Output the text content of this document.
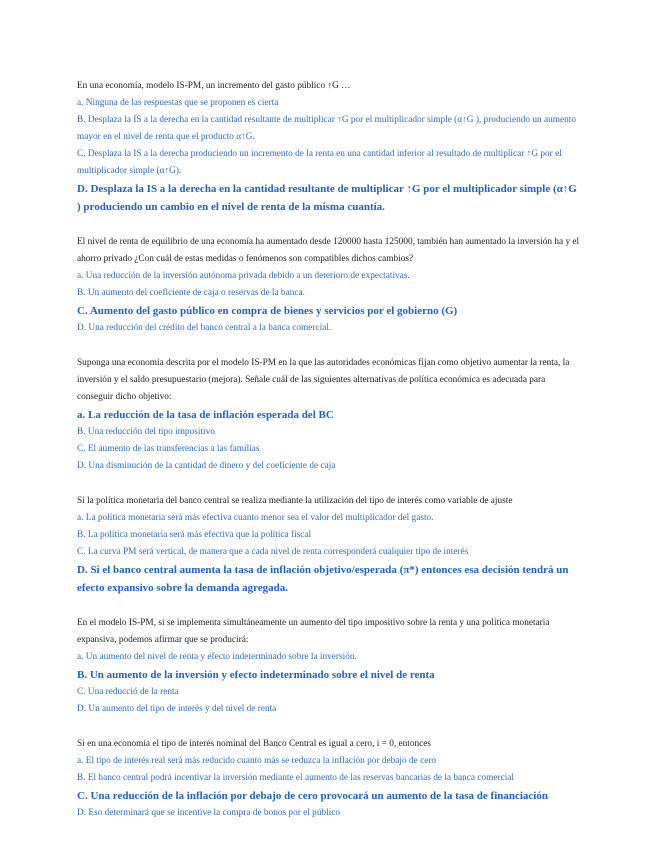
En una economía, modelo IS-PM, un incremento del gasto público ↑G …

a. Ninguna de las respuestas que se proponen es cierta

B. Desplaza la IS a la derecha en la cantidad resultante de multiplicar ↑G por el multiplicador simple (α↑G ), produciendo un aumento mayor en el nivel de renta que el producto α↑G.

C. Desplaza la IS a la derecha produciendo un incremento de la renta en una cantidad inferior al resultado de multiplicar ↑G por el multiplicador simple (α↑G).

D. Desplaza la IS a la derecha en la cantidad resultante de multiplicar ↑G por el multiplicador simple (α↑G ) produciendo un cambio en el nivel de renta de la misma cuantía.

El nivel de renta de equilibrio de una economía ha aumentado desde 120000 hasta 125000, también han aumentado la inversión ha y el ahorro privado ¿Con cuál de estas medidas o fenómenos son compatibles dichos cambios?

a. Una reducción de la inversión autónoma privada debido a un deterioro de expectativas.

B. Un aumento del coeficiente de caja o reservas de la banca.

C. Aumento del gasto público en compra de bienes y servicios por el gobierno (G)

D. Una reducción del crédito del banco central a la banca comercial.

Suponga una economía descrita por el modelo IS-PM en la que las autoridades económicas fijan como objetivo aumentar la renta, la inversión y el saldo presupuestario (mejora). Señale cuál de las siguientes alternativas de política económica es adecuada para conseguir dicho objetivo:

a. La reducción de la tasa de inflación esperada del BC

B. Una reducción del tipo impositivo

C. El aumento de las transferencias a las familias

D. Una disminución de la cantidad de dinero y del coeficiente de caja

Si la política monetaria del banco central se realiza mediante la utilización del tipo de interés como variable de ajuste

a. La política monetaria será más efectiva cuanto menor sea el valor del multiplicador del gasto.

B. La política monetaria será más efectiva que la política fiscal

C. La curva PM será vertical, de manera que a cada nivel de renta corresponderá cualquier tipo de interés

D. Si el banco central aumenta la tasa de inflación objetivo/esperada (π*) entonces esa decisión tendrá un efecto expansivo sobre la demanda agregada.

En el modelo IS-PM, si se implementa simultáneamente un aumento del tipo impositivo sobre la renta y una política monetaria expansiva, podemos afirmar que se producirá:

a. Un aumento del nivel de renta y efecto indeterminado sobre la inversión.

B. Un aumento de la inversión y efecto indeterminado sobre el nivel de renta

C. Una reducció de la renta

D. Un aumento del tipo de interés y del nivel de renta

Si en una economía el tipo de interés nominal del Banco Central es igual a cero, i = 0, entonces

a. El tipo de interés real será más reducido cuanto más se reduzca la inflación por debajo de cero

B. El banco central podrá incentivar la inversión mediante el aumento de las reservas bancarias de la banca comercial

C. Una reducción de la inflación por debajo de cero provocará un aumento de la tasa de financiación

D. Eso determinará que se incentive la compra de bonos por el público
